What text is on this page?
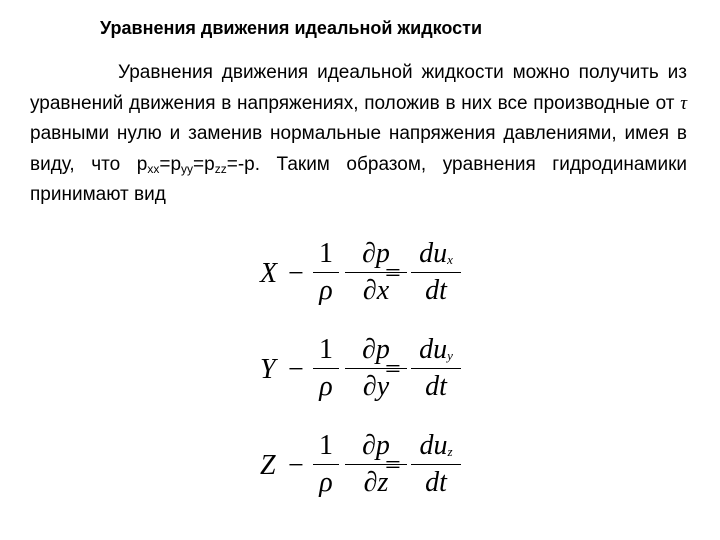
Уравнения движения идеальной жидкости
Уравнения движения идеальной жидкости можно получить из уравнений движения в напряжениях, положив в них все производные от τ равными нулю и заменив нормальные напряжения давлениями, имея в виду, что $p_{xx}=p_{yy}=p_{zz}=-p$. Таким образом, уравнения гидродинамики принимают вид
X −
1
ρ
∂p
∂x
=
$du_x$
dt
Y −
1
ρ
∂p
∂y
=
$du_y$
dt
Z −
1
ρ
∂p
∂z
=
$du_z$
dt
